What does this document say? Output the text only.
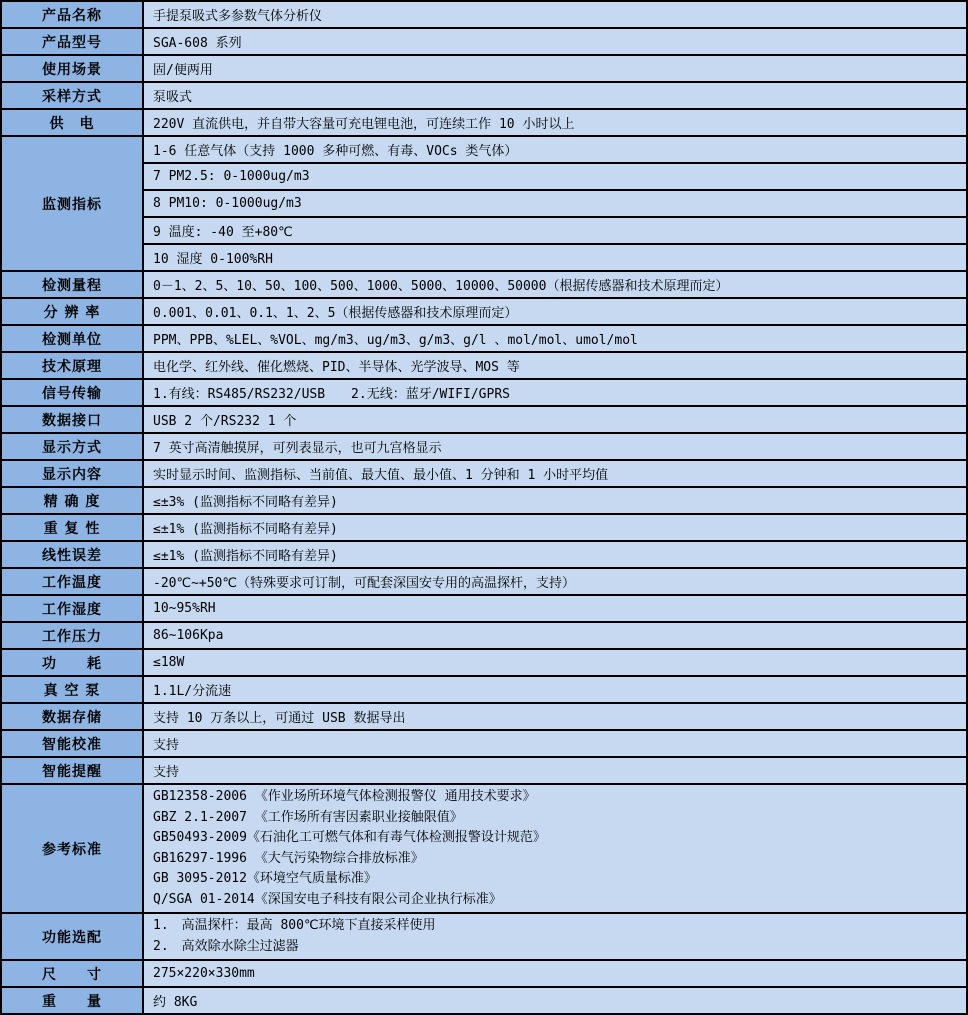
产品名称	手提泵吸式多参数气体分析仪
产品型号	SGA-608 系列
使用场景	固/便两用
采样方式	泵吸式
供　电	220V 直流供电，并自带大容量可充电锂电池，可连续工作 10 小时以上
监测指标	1-6 任意气体（支持 1000 多种可燃、有毒、VOCs 类气体）
	7 PM2.5: 0-1000ug/m3
	8 PM10: 0-1000ug/m3
	9 温度: -40 至+80℃
	10 湿度 0-100%RH
检测量程	0－1、2、5、10、50、100、500、1000、5000、10000、50000（根据传感器和技术原理而定）
分 辨 率	0.001、0.01、0.1、1、2、5（根据传感器和技术原理而定）
检测单位	PPM、PPB、%LEL、%VOL、mg/m3、ug/m3、g/m3、g/l 、mol/mol、umol/mol
技术原理	电化学、红外线、催化燃烧、PID、半导体、光学波导、MOS 等
信号传输	1.有线：RS485/RS232/USB　　2.无线：蓝牙/WIFI/GPRS
数据接口	USB 2 个/RS232 1 个
显示方式	7 英寸高清触摸屏，可列表显示，也可九宫格显示
显示内容	实时显示时间、监测指标、当前值、最大值、最小值、1 分钟和 1 小时平均值
精 确 度	≤±3% (监测指标不同略有差异)
重 复 性	≤±1% (监测指标不同略有差异)
线性误差	≤±1% (监测指标不同略有差异)
工作温度	-20℃~+50℃（特殊要求可订制，可配套深国安专用的高温探杆，支持）
工作湿度	10~95%RH
工作压力	86~106Kpa
功　　耗	≤18W
真 空 泵	1.1L/分流速
数据存储	支持 10 万条以上，可通过 USB 数据导出
智能校准	支持
智能提醒	支持
参考标准	
GB12358-2006 《作业场所环境气体检测报警仪 通用技术要求》
GBZ 2.1-2007 《工作场所有害因素职业接触限值》
GB50493-2009《石油化工可燃气体和有毒气体检测报警设计规范》
GB16297-1996 《大气污染物综合排放标准》
GB 3095-2012《环境空气质量标准》
Q/SGA 01-2014《深国安电子科技有限公司企业执行标准》

功能选配	1.　高温探杆：最高 800℃环境下直接采样使用
2.　高效除水除尘过滤器

尺　　寸	275×220×330mm
重　　量	约 8KG
